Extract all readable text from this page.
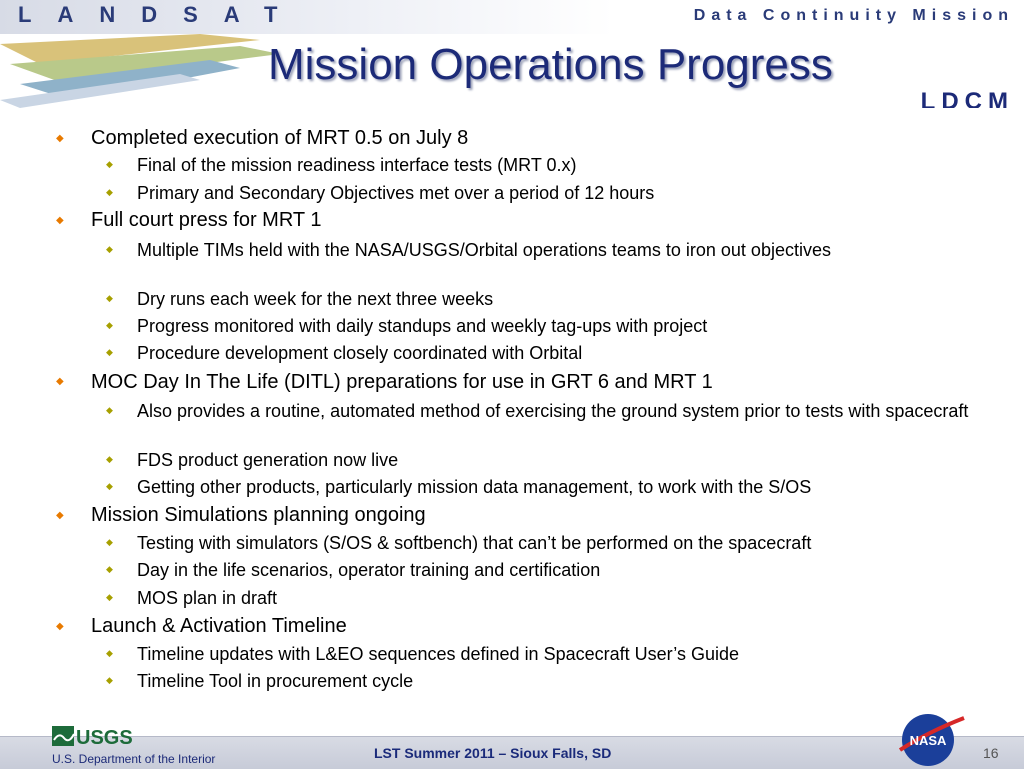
LANDSAT	Data Continuity Mission
Mission Operations Progress
LDCM
◆ Completed execution of MRT 0.5 on July 8
◆ Final of the mission readiness interface tests (MRT 0.x)
◆ Primary and Secondary Objectives met over a period of 12 hours
◆ Full court press for MRT 1
◆ Multiple TIMs held with the NASA/USGS/Orbital operations teams to iron out objectives
◆ Dry runs each week for the next three weeks
◆ Progress monitored with daily standups and weekly tag-ups with project
◆ Procedure development closely coordinated with Orbital
◆ MOC Day In The Life (DITL) preparations for use in GRT 6 and MRT 1
◆ Also provides a routine, automated method of exercising the ground system prior to tests with spacecraft
◆ FDS product generation now live
◆ Getting other products, particularly mission data management, to work with the S/OS
◆ Mission Simulations planning ongoing
◆ Testing with simulators (S/OS & softbench) that can’t be performed on the spacecraft
◆ Day in the life scenarios, operator training and certification
◆ MOS plan in draft
◆ Launch & Activation Timeline
◆ Timeline updates with L&EO sequences defined in Spacecraft User’s Guide
◆ Timeline Tool in procurement cycle
U.S. Department of the Interior	LST Summer 2011 – Sioux Falls, SD	16
USGS	NASA
